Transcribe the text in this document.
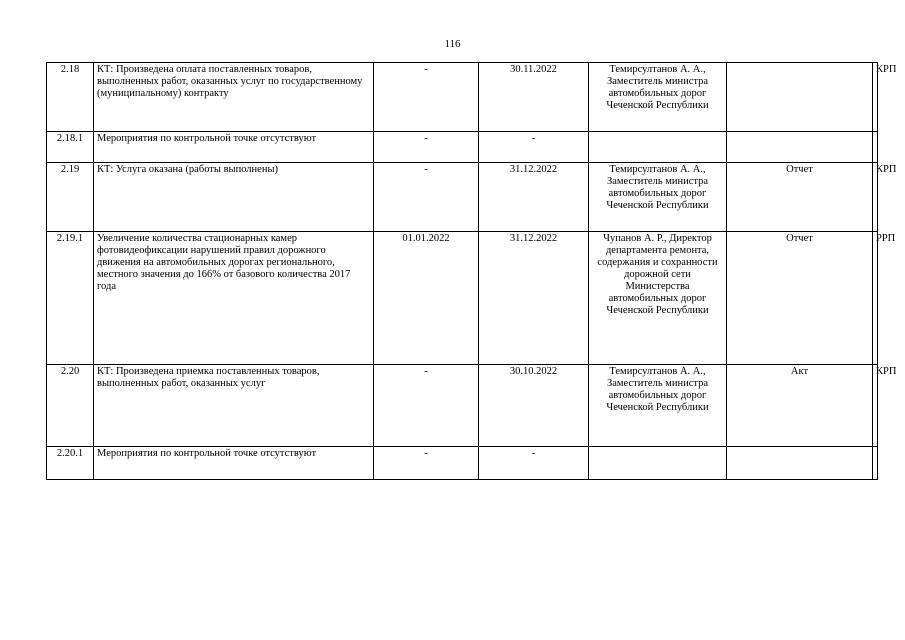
116
2.18	КТ: Произведена оплата поставленных товаров, выполненных работ, оказанных услуг по государственному (муниципальному) контракту	-	30.11.2022	Темирсултанов А. А., Заместитель министра автомобильных дорог Чеченской Республики		КРП
2.18.1	Мероприятия по контрольной точке отсутствуют	-	-			
2.19	КТ: Услуга оказана (работы выполнены)	-	31.12.2022	Темирсултанов А. А., Заместитель министра автомобильных дорог Чеченской Республики	Отчет	КРП
2.19.1	Увеличение количества стационарных камер фотовидеофиксации нарушений правил дорожного движения на автомобильных дорогах регионального, местного значения до 166% от базового количества 2017 года	01.01.2022	31.12.2022	Чупанов А. Р., Директор департамента ремонта, содержания и сохранности дорожной сети Министерства автомобильных дорог Чеченской Республики	Отчет	РРП
2.20	КТ: Произведена приемка поставленных товаров, выполненных работ, оказанных услуг	-	30.10.2022	Темирсултанов А. А., Заместитель министра автомобильных дорог Чеченской Республики	Акт	КРП
2.20.1	Мероприятия по контрольной точке отсутствуют	-	-			
